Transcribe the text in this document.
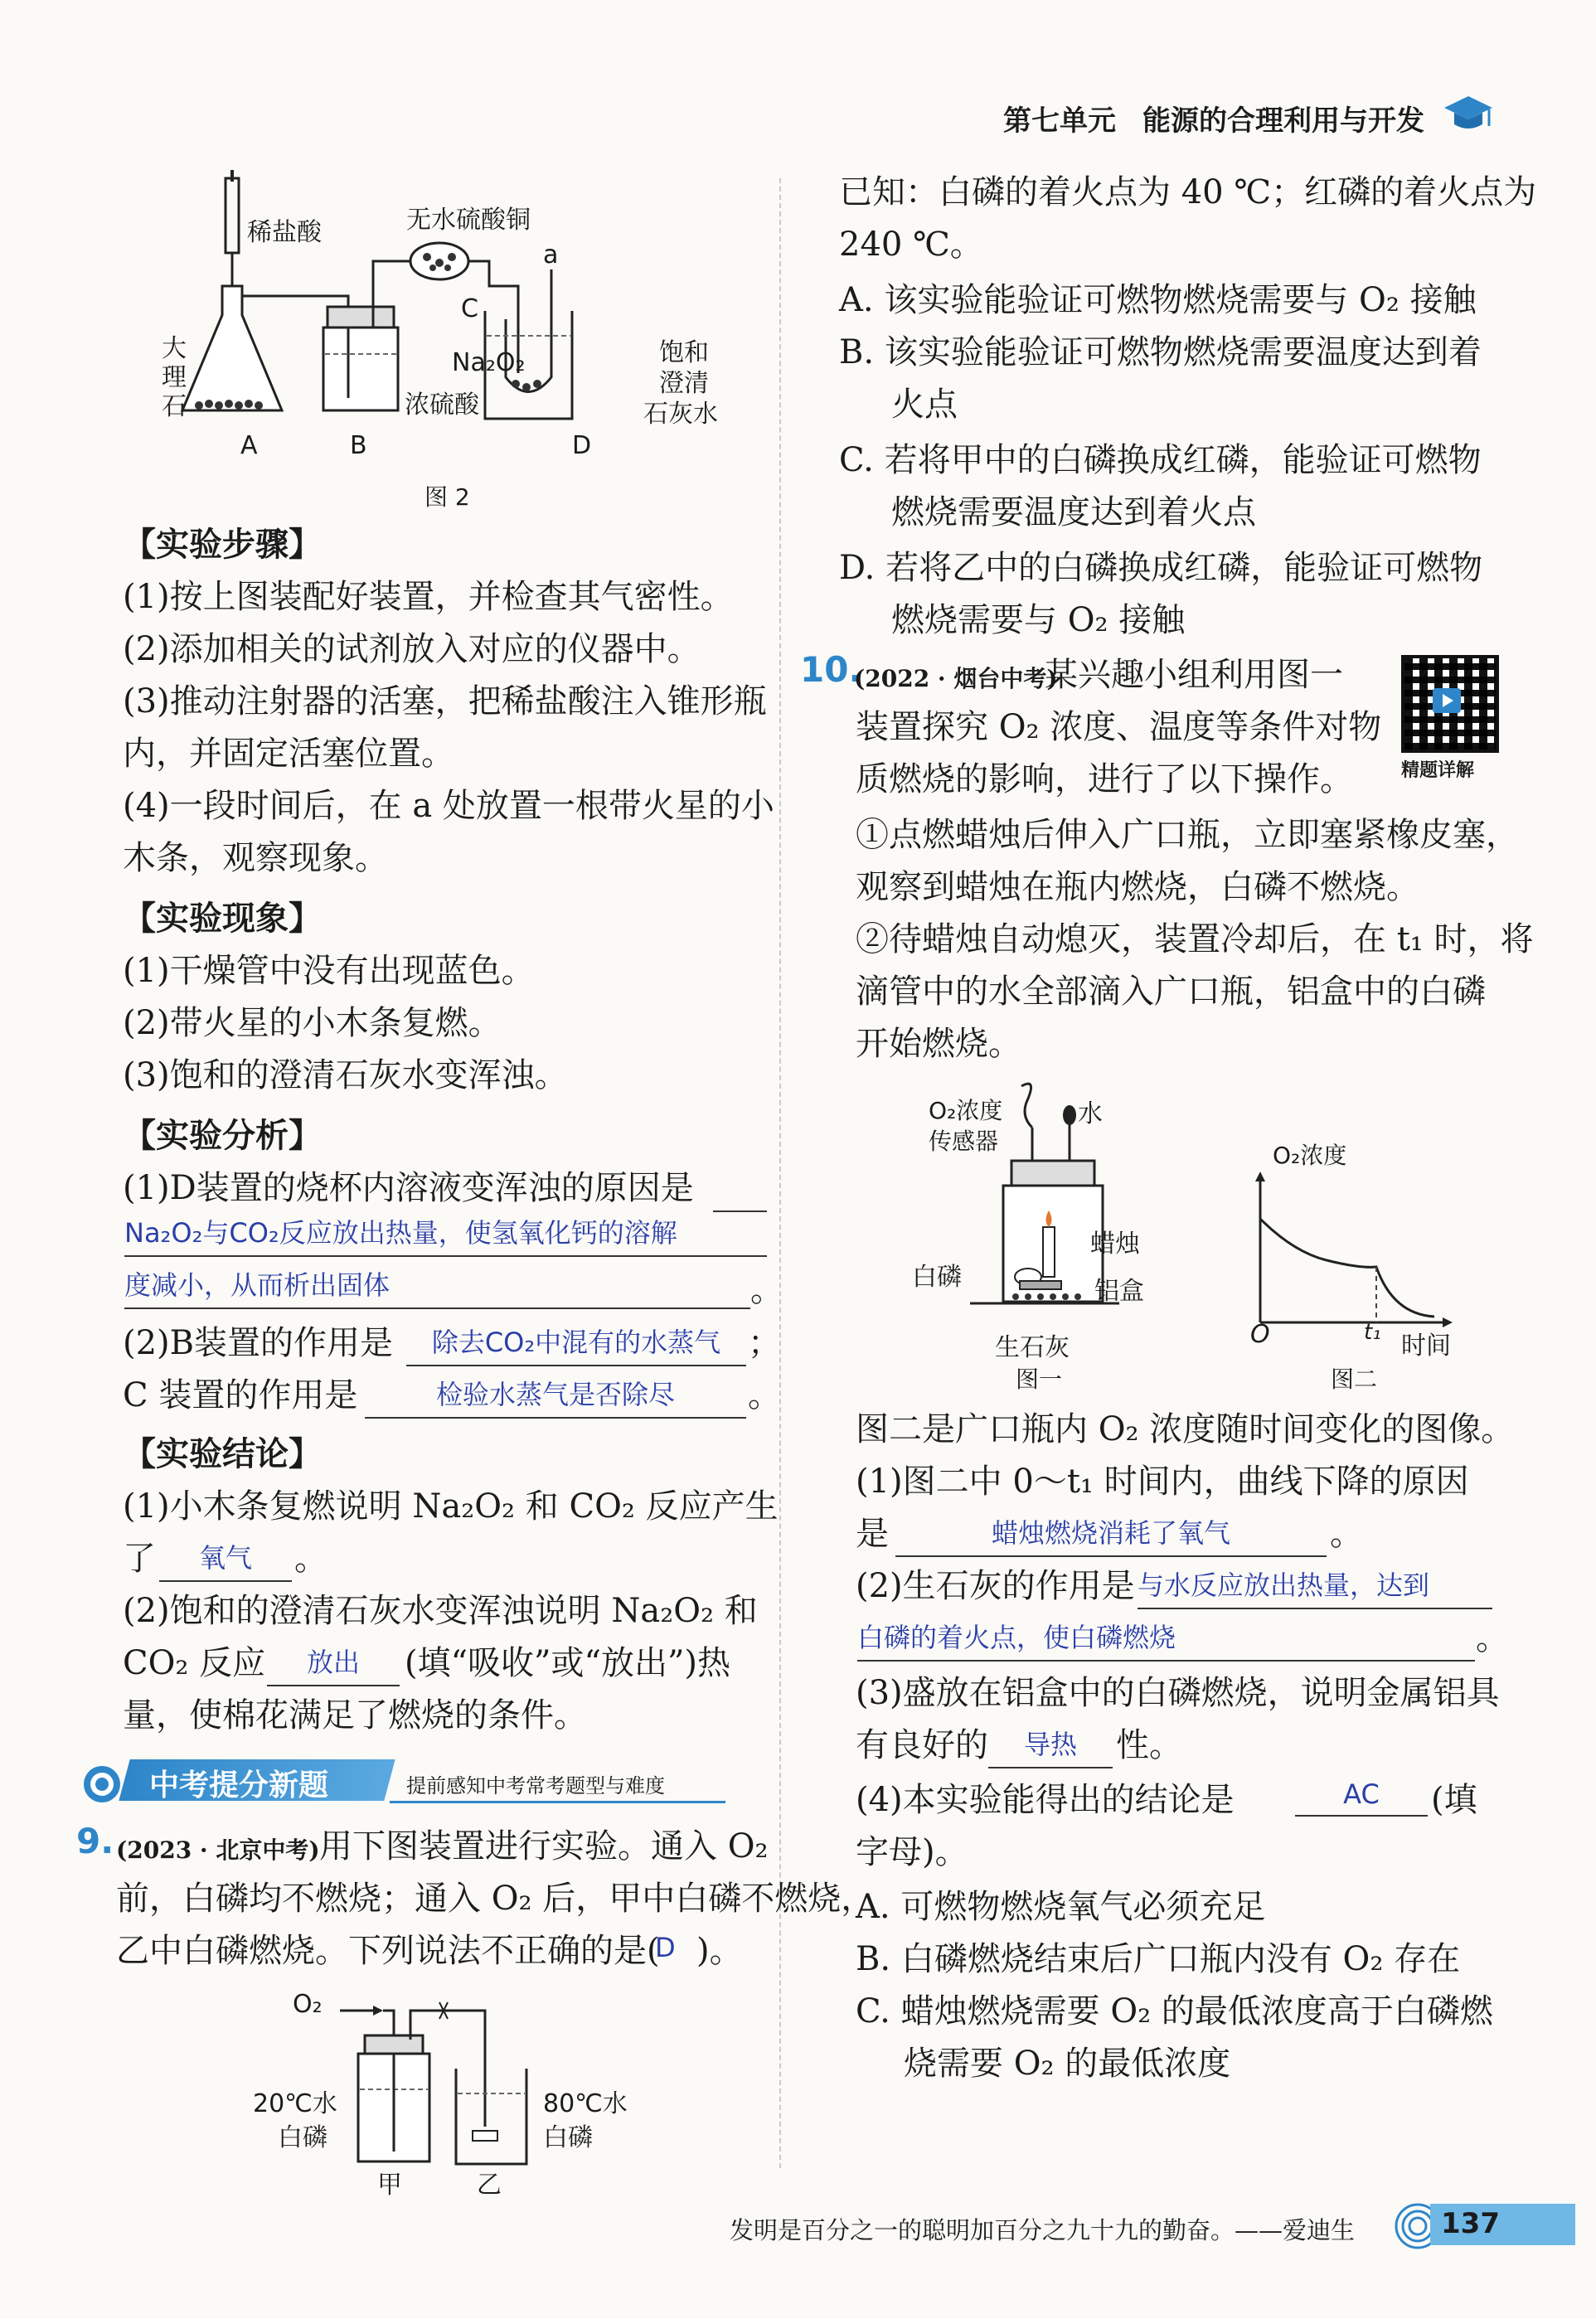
第七单元 能源的合理利用与开发
稀盐酸	无水硫酸铜
C
a
大
理
石
A	B
浓硫酸
Na₂O₂	饱和
澄清
石灰水
D
图 2
【实验步骤】
(1)按上图装配好装置，并检查其气密性。
(2)添加相关的试剂放入对应的仪器中。
(3)推动注射器的活塞，把稀盐酸注入锥形瓶
内，并固定活塞位置。
(4)一段时间后，在 a 处放置一根带火星的小
木条，观察现象。
【实验现象】
(1)干燥管中没有出现蓝色。
(2)带火星的小木条复燃。
(3)饱和的澄清石灰水变浑浊。
【实验分析】
(1)D装置的烧杯内溶液变浑浊的原因是
Na₂O₂与CO₂反应放出热量，使氢氧化钙的溶解
度减小，从而析出固体	。
(2)B装置的作用是	除去CO₂中混有的水蒸气 ；
C 装置的作用是	检验水蒸气是否除尽	。
【实验结论】
(1)小木条复燃说明 Na₂O₂ 和 CO₂ 反应产生
了	氧气	。
(2)饱和的澄清石灰水变浑浊说明 Na₂O₂ 和
CO₂ 反应	放出	(填“吸收”或“放出”)热
量，使棉花满足了燃烧的条件。
中考提分新题	提前感知中考常考题型与难度
9. (2023 · 北京中考) 用下图装置进行实验。通入 O₂
前，白磷均不燃烧；通入 O₂ 后，甲中白磷不燃烧，
乙中白磷燃烧。下列说法不正确的是(
D )。
O₂
20℃水
白磷
甲
80℃水
白磷
乙
已知：白磷的着火点为 40 ℃；红磷的着火点为
240 ℃。
A. 该实验能验证可燃物燃烧需要与 O₂ 接触
B. 该实验能验证可燃物燃烧需要温度达到着
火点
C. 若将甲中的白磷换成红磷，能验证可燃物
燃烧需要温度达到着火点
D. 若将乙中的白磷换成红磷，能验证可燃物
燃烧需要与 O₂ 接触
10.
(2022 · 烟台中考)
某兴趣小组利用图一
装置探究 O₂ 浓度、温度等条件对物
质燃烧的影响，进行了以下操作。	精题详解
①点燃蜡烛后伸入广口瓶，立即塞紧橡皮塞，
观察到蜡烛在瓶内燃烧，白磷不燃烧。
②待蜡烛自动熄灭，装置冷却后，在 t₁ 时，将
滴管中的水全部滴入广口瓶，铝盒中的白磷
开始燃烧。
O₂浓度
传感器
水
蜡烛
白磷	铝盒
生石灰
图一
O₂浓度
O	t₁ 时间
图二
图二是广口瓶内 O₂ 浓度随时间变化的图像。
(1)图二中 0～t₁ 时间内，曲线下降的原因
是	蜡烛燃烧消耗了氧气	。
(2)生石灰的作用是 与水反应放出热量，达到
白磷的着火点，使白磷燃烧	。
(3)盛放在铝盒中的白磷燃烧，说明金属铝具
有良好的	导热	性。
(4)本实验能得出的结论是	AC	(填
字母)。
A. 可燃物燃烧氧气必须充足
B. 白磷燃烧结束后广口瓶内没有 O₂ 存在
C. 蜡烛燃烧需要 O₂ 的最低浓度高于白磷燃
烧需要 O₂ 的最低浓度
发明是百分之一的聪明加百分之九十九的勤奋。——爱迪生	137
